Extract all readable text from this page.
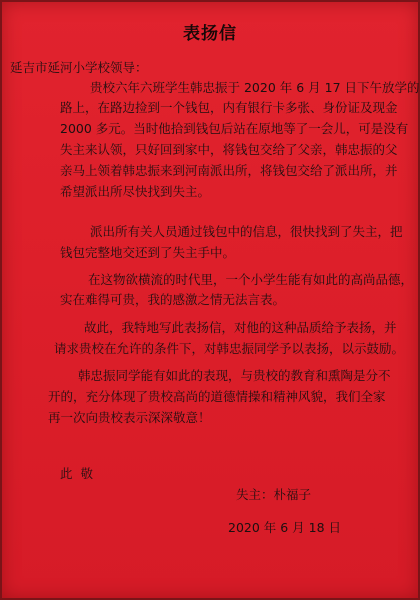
表扬信
延吉市延河小学校领导：
贵校六年六班学生韩忠振于 2020 年 6 月 17 日下午放学的
路上，在路边捡到一个钱包，内有银行卡多张、身份证及现金
2000 多元。当时他拾到钱包后站在原地等了一会儿，可是没有
失主来认领，只好回到家中，将钱包交给了父亲，韩忠振的父
亲马上领着韩忠振来到河南派出所，将钱包交给了派出所，并
希望派出所尽快找到失主。
派出所有关人员通过钱包中的信息，很快找到了失主，把
钱包完整地交还到了失主手中。
在这物欲横流的时代里，一个小学生能有如此的高尚品德，
实在难得可贵，我的感激之情无法言表。
故此，我特地写此表扬信，对他的这种品质给予表扬，并
请求贵校在允许的条件下，对韩忠振同学予以表扬，以示鼓励。
韩忠振同学能有如此的表现，与贵校的教育和熏陶是分不
开的，充分体现了贵校高尚的道德情操和精神风貌，我们全家
再一次向贵校表示深深敬意！
此 敬
失主：朴福子
2020 年 6 月 18 日
